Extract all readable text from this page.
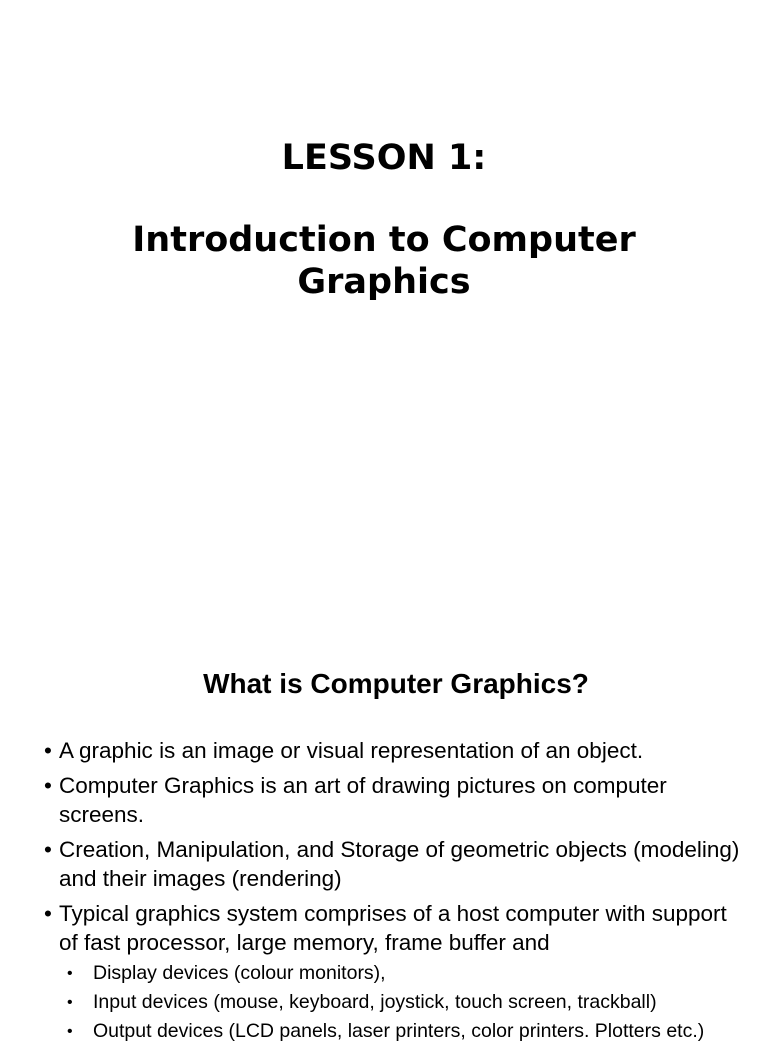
LESSON 1:
Introduction to Computer
Graphics
What is Computer Graphics?
• A graphic is an image or visual representation of an object.
• Computer Graphics is an art of drawing pictures on computer screens.
• Creation, Manipulation, and Storage of geometric objects (modeling) and their images (rendering)
• Typical graphics system comprises of a host computer with support of fast processor, large memory, frame buffer and
• Display devices (colour monitors),
• Input devices (mouse, keyboard, joystick, touch screen, trackball)
• Output devices (LCD panels, laser printers, color printers. Plotters etc.)
